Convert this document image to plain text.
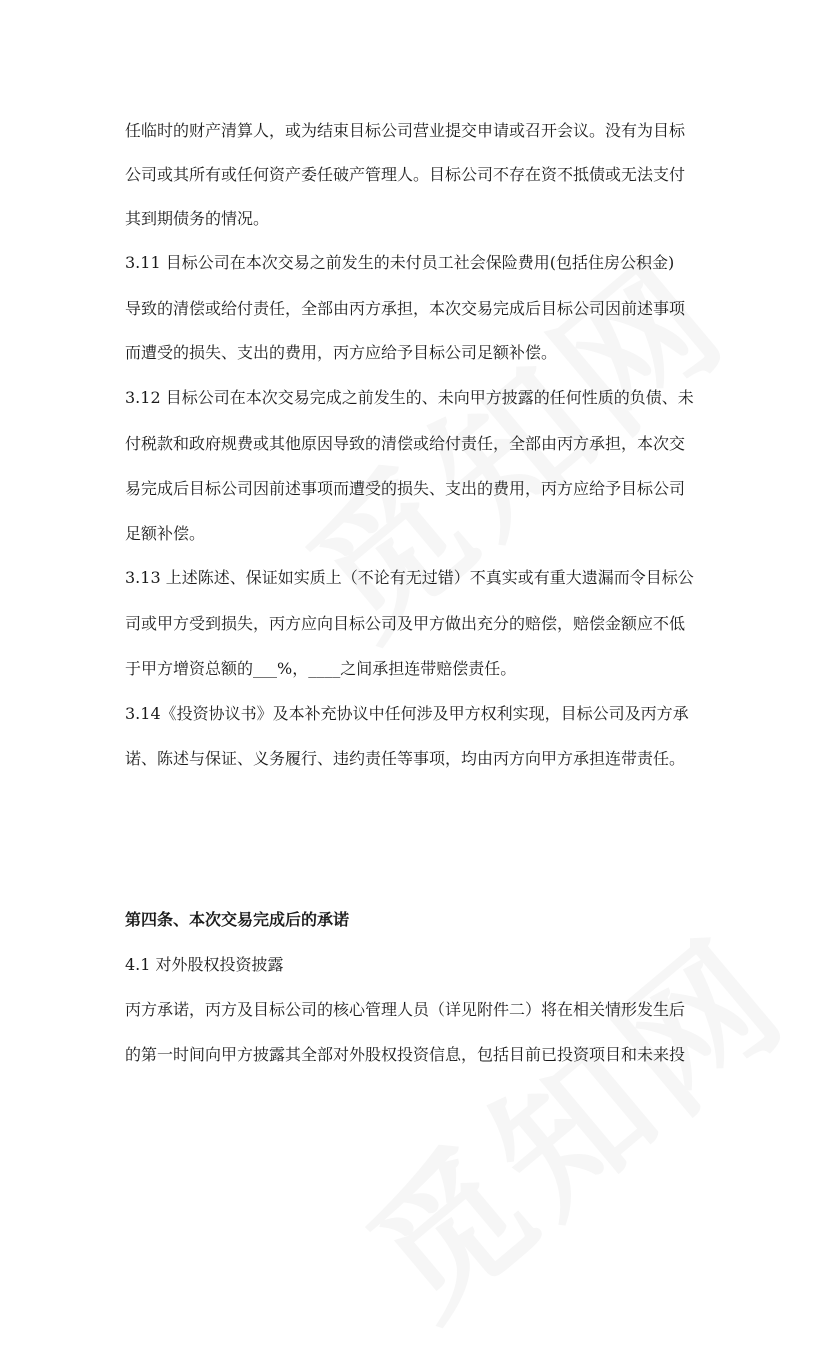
任临时的财产清算人，或为结束目标公司营业提交申请或召开会议。没有为目标

公司或其所有或任何资产委任破产管理人。目标公司不存在资不抵债或无法支付

其到期债务的情况。

3.11 目标公司在本次交易之前发生的未付员工社会保险费用(包括住房公积金)

导致的清偿或给付责任，全部由丙方承担，本次交易完成后目标公司因前述事项

而遭受的损失、支出的费用，丙方应给予目标公司足额补偿。

3.12 目标公司在本次交易完成之前发生的、未向甲方披露的任何性质的负债、未

付税款和政府规费或其他原因导致的清偿或给付责任，全部由丙方承担，本次交

易完成后目标公司因前述事项而遭受的损失、支出的费用，丙方应给予目标公司

足额补偿。

3.13 上述陈述、保证如实质上（不论有无过错）不真实或有重大遗漏而令目标公

司或甲方受到损失，丙方应向目标公司及甲方做出充分的赔偿，赔偿金额应不低

于甲方增资总额的___%，____之间承担连带赔偿责任。

3.14《投资协议书》及本补充协议中任何涉及甲方权利实现，目标公司及丙方承

诺、陈述与保证、义务履行、违约责任等事项，均由丙方向甲方承担连带责任。

第四条、本次交易完成后的承诺

4.1 对外股权投资披露

丙方承诺，丙方及目标公司的核心管理人员（详见附件二）将在相关情形发生后

的第一时间向甲方披露其全部对外股权投资信息，包括目前已投资项目和未来投
